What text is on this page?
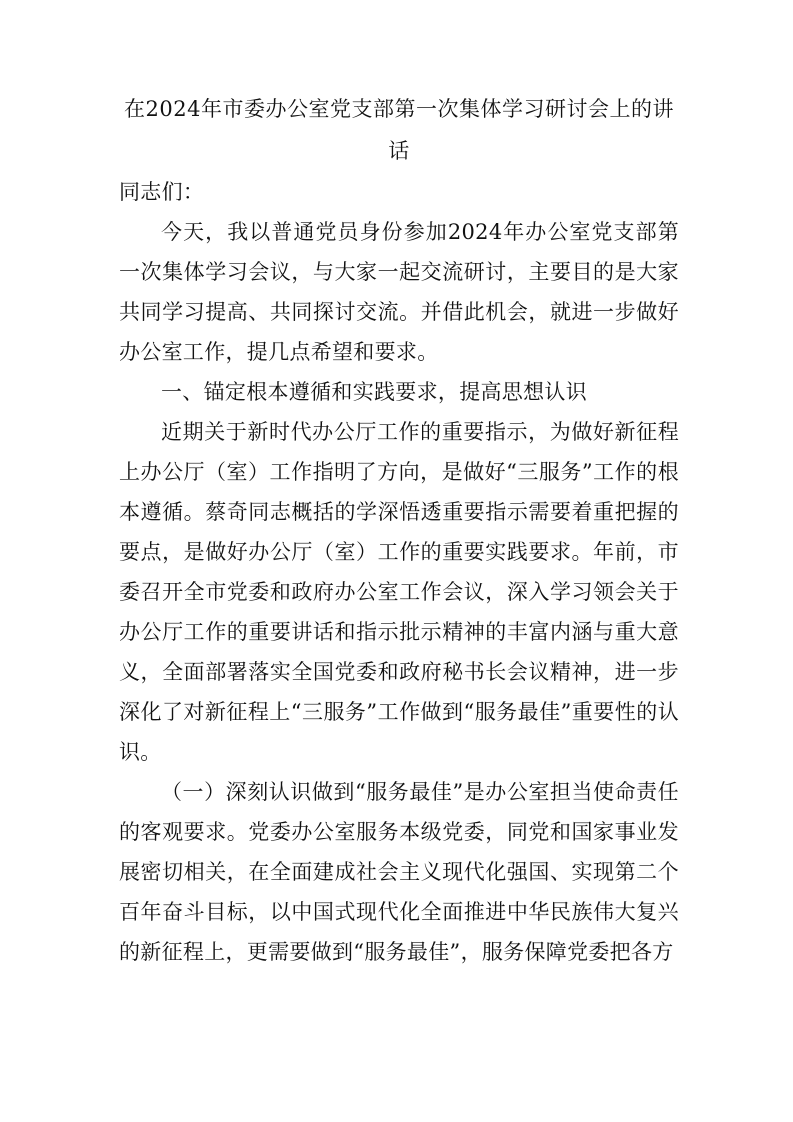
在2024年市委办公室党支部第一次集体学习研讨会上的讲话

同志们：

今天，我以普通党员身份参加2024年办公室党支部第一次集体学习会议，与大家一起交流研讨，主要目的是大家共同学习提高、共同探讨交流。并借此机会，就进一步做好办公室工作，提几点希望和要求。

一、锚定根本遵循和实践要求，提高思想认识

近期关于新时代办公厅工作的重要指示，为做好新征程上办公厅（室）工作指明了方向，是做好“三服务”工作的根本遵循。蔡奇同志概括的学深悟透重要指示需要着重把握的要点，是做好办公厅（室）工作的重要实践要求。年前，市委召开全市党委和政府办公室工作会议，深入学习领会关于办公厅工作的重要讲话和指示批示精神的丰富内涵与重大意义，全面部署落实全国党委和政府秘书长会议精神，进一步深化了对新征程上“三服务”工作做到“服务最佳”重要性的认识。

（一）深刻认识做到“服务最佳”是办公室担当使命责任的客观要求。党委办公室服务本级党委，同党和国家事业发展密切相关，在全面建成社会主义现代化强国、实现第二个百年奋斗目标，以中国式现代化全面推进中华民族伟大复兴的新征程上，更需要做到“服务最佳”，服务保障党委把各方
